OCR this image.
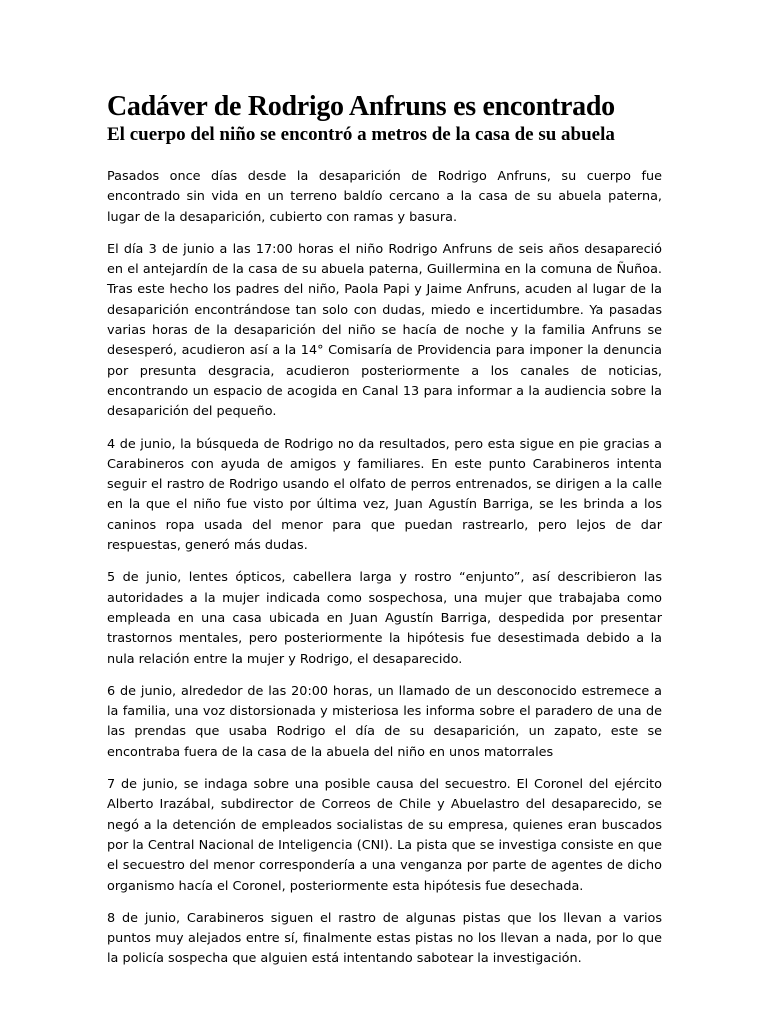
Cadáver de Rodrigo Anfruns es encontrado
El cuerpo del niño se encontró a metros de la casa de su abuela

Pasados once días desde la desaparición de Rodrigo Anfruns, su cuerpo fue encontrado sin vida en un terreno baldío cercano a la casa de su abuela paterna, lugar de la desaparición, cubierto con ramas y basura.

El día 3 de junio a las 17:00 horas el niño Rodrigo Anfruns de seis años desapareció en el antejardín de la casa de su abuela paterna, Guillermina en la comuna de Ñuñoa. Tras este hecho los padres del niño, Paola Papi y Jaime Anfruns, acuden al lugar de la desaparición encontrándose tan solo con dudas, miedo e incertidumbre. Ya pasadas varias horas de la desaparición del niño se hacía de noche y la familia Anfruns se desesperó, acudieron así a la 14° Comisaría de Providencia para imponer la denuncia por presunta desgracia, acudieron posteriormente a los canales de noticias, encontrando un espacio de acogida en Canal 13 para informar a la audiencia sobre la desaparición del pequeño.

4 de junio, la búsqueda de Rodrigo no da resultados, pero esta sigue en pie gracias a Carabineros con ayuda de amigos y familiares. En este punto Carabineros intenta seguir el rastro de Rodrigo usando el olfato de perros entrenados, se dirigen a la calle en la que el niño fue visto por última vez, Juan Agustín Barriga, se les brinda a los caninos ropa usada del menor para que puedan rastrearlo, pero lejos de dar respuestas, generó más dudas.

5 de junio, lentes ópticos, cabellera larga y rostro “enjunto”, así describieron las autoridades a la mujer indicada como sospechosa, una mujer que trabajaba como empleada en una casa ubicada en Juan Agustín Barriga, despedida por presentar trastornos mentales, pero posteriormente la hipótesis fue desestimada debido a la nula relación entre la mujer y Rodrigo, el desaparecido.

6 de junio, alrededor de las 20:00 horas, un llamado de un desconocido estremece a la familia, una voz distorsionada y misteriosa les informa sobre el paradero de una de las prendas que usaba Rodrigo el día de su desaparición, un zapato, este se encontraba fuera de la casa de la abuela del niño en unos matorrales

7 de junio, se indaga sobre una posible causa del secuestro. El Coronel del ejército Alberto Irazábal, subdirector de Correos de Chile y Abuelastro del desaparecido, se negó a la detención de empleados socialistas de su empresa, quienes eran buscados por la Central Nacional de Inteligencia (CNI). La pista que se investiga consiste en que el secuestro del menor correspondería a una venganza por parte de agentes de dicho organismo hacía el Coronel, posteriormente esta hipótesis fue desechada.

8 de junio, Carabineros siguen el rastro de algunas pistas que los llevan a varios puntos muy alejados entre sí, finalmente estas pistas no los llevan a nada, por lo que la policía sospecha que alguien está intentando sabotear la investigación.
